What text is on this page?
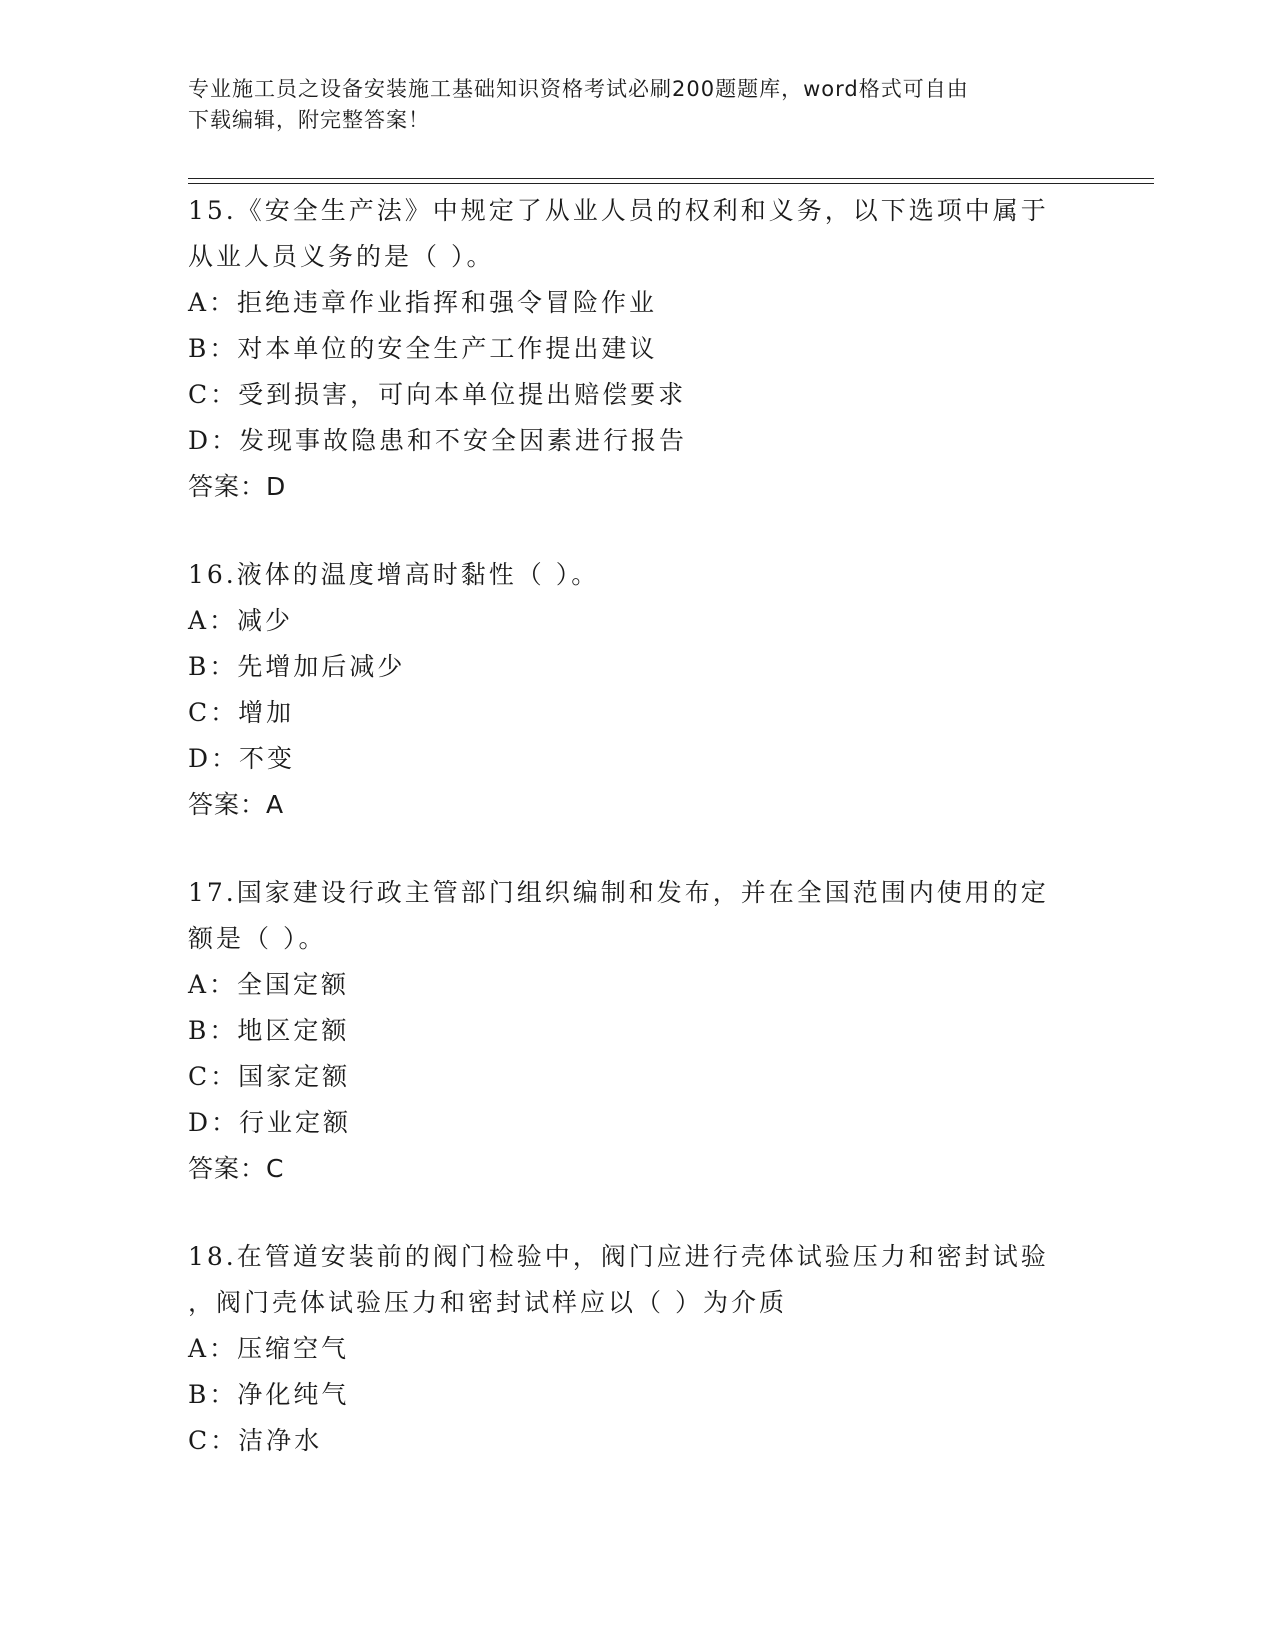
专业施工员之设备安装施工基础知识资格考试必刷200题题库，word格式可自由
下载编辑，附完整答案！
15.《安全生产法》中规定了从业人员的权利和义务，以下选项中属于
从业人员义务的是（ ）。
A：拒绝违章作业指挥和强令冒险作业
B：对本单位的安全生产工作提出建议
C：受到损害，可向本单位提出赔偿要求
D：发现事故隐患和不安全因素进行报告
答案：D
16.液体的温度增高时黏性（ ）。
A：减少
B：先增加后减少
C：增加
D：不变
答案：A
17.国家建设行政主管部门组织编制和发布，并在全国范围内使用的定
额是（ ）。
A：全国定额
B：地区定额
C：国家定额
D：行业定额
答案：C
18.在管道安装前的阀门检验中，阀门应进行壳体试验压力和密封试验
，阀门壳体试验压力和密封试样应以（ ）为介质
A：压缩空气
B：净化纯气
C：洁净水
